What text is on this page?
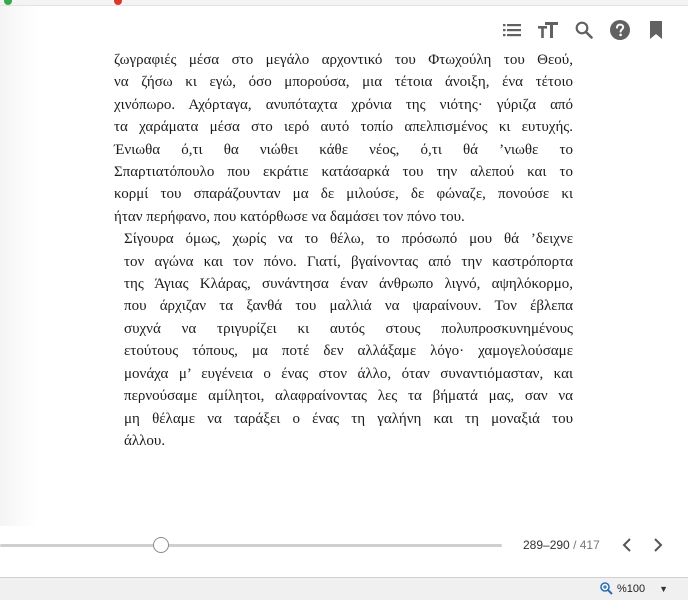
ζωγραφιές μέσα στο μεγάλο αρχοντικό του Φτωχούλη του Θεού,
να ζήσω κι εγώ, όσο μπορούσα, μια τέτοια άνοιξη, ένα τέτοιο
χινόπωρο. Αχόρταγα, ανυπόταχτα χρόνια της νιότης· γύριζα από
τα χαράματα μέσα στο ιερό αυτό τοπίο απελπισμένος κι ευτυχής.
Ένιωθα ό,τι θα νιώθει κάθε νέος, ό,τι θά ’νιωθε το
Σπαρτιατόπουλο που εκράτιε κατάσαρκά του την αλεπού και το
κορμί του σπαράζουνταν μα δε μιλούσε, δε φώναζε, πονούσε κι
ήταν περήφανο, που κατόρθωσε να δαμάσει τον πόνο του.

Σίγουρα όμως, χωρίς να το θέλω, το πρόσωπό μου θά ’δειχνε
τον αγώνα και τον πόνο. Γιατί, βγαίνοντας από την καστρόπορτα
της Άγιας Κλάρας, συνάντησα έναν άνθρωπο λιγνό, αψηλόκορμο,
που άρχιζαν τα ξανθά του μαλλιά να ψαραίνουν. Τον έβλεπα
συχνά να τριγυρίζει κι αυτός στους πολυπροσκυνημένους
ετούτους τόπους, μα ποτέ δεν αλλάξαμε λόγο· χαμογελούσαμε
μονάχα μ’ ευγένεια ο ένας στον άλλο, όταν συναντιόμασταν, και
περνούσαμε αμίλητοι, αλαφραίνοντας λες τα βήματά μας, σαν να
μη θέλαμε να ταράξει ο ένας τη γαλήνη και τη μοναξιά του
άλλου.

289–290 / 417
%100 ▼
